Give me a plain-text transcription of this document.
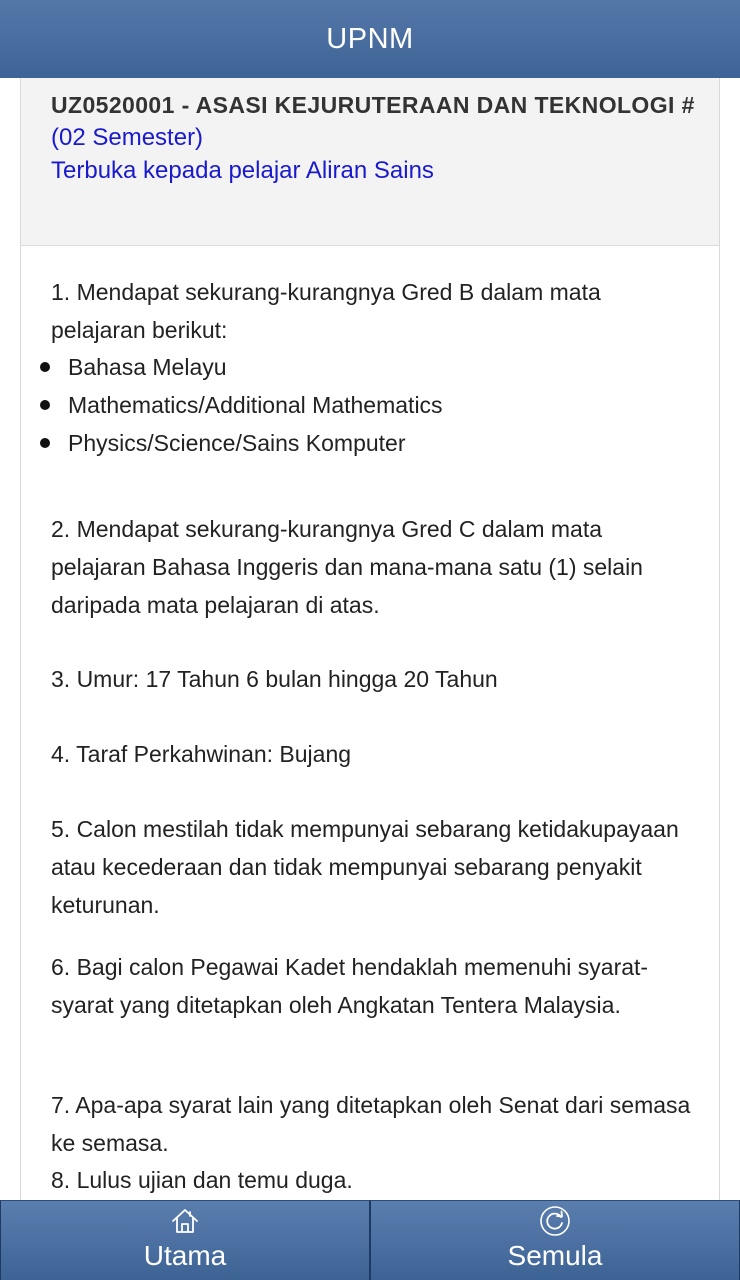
UPNM
UZ0520001 - ASASI KEJURUTERAAN DAN TEKNOLOGI #
(02 Semester)
Terbuka kepada pelajar Aliran Sains
1. Mendapat sekurang-kurangnya Gred B dalam mata pelajaran berikut:
Bahasa Melayu
Mathematics/Additional Mathematics
Physics/Science/Sains Komputer
2. Mendapat sekurang-kurangnya Gred C dalam mata pelajaran Bahasa Inggeris dan mana-mana satu (1) selain daripada mata pelajaran di atas.
3. Umur: 17 Tahun 6 bulan hingga 20 Tahun
4. Taraf Perkahwinan: Bujang
5. Calon mestilah tidak mempunyai sebarang ketidakupayaan atau kecederaan dan tidak mempunyai sebarang penyakit keturunan.
6. Bagi calon Pegawai Kadet hendaklah memenuhi syarat-syarat yang ditetapkan oleh Angkatan Tentera Malaysia.
7. Apa-apa syarat lain yang ditetapkan oleh Senat dari semasa ke semasa.
8. Lulus ujian dan temu duga.
Utama	Semula
